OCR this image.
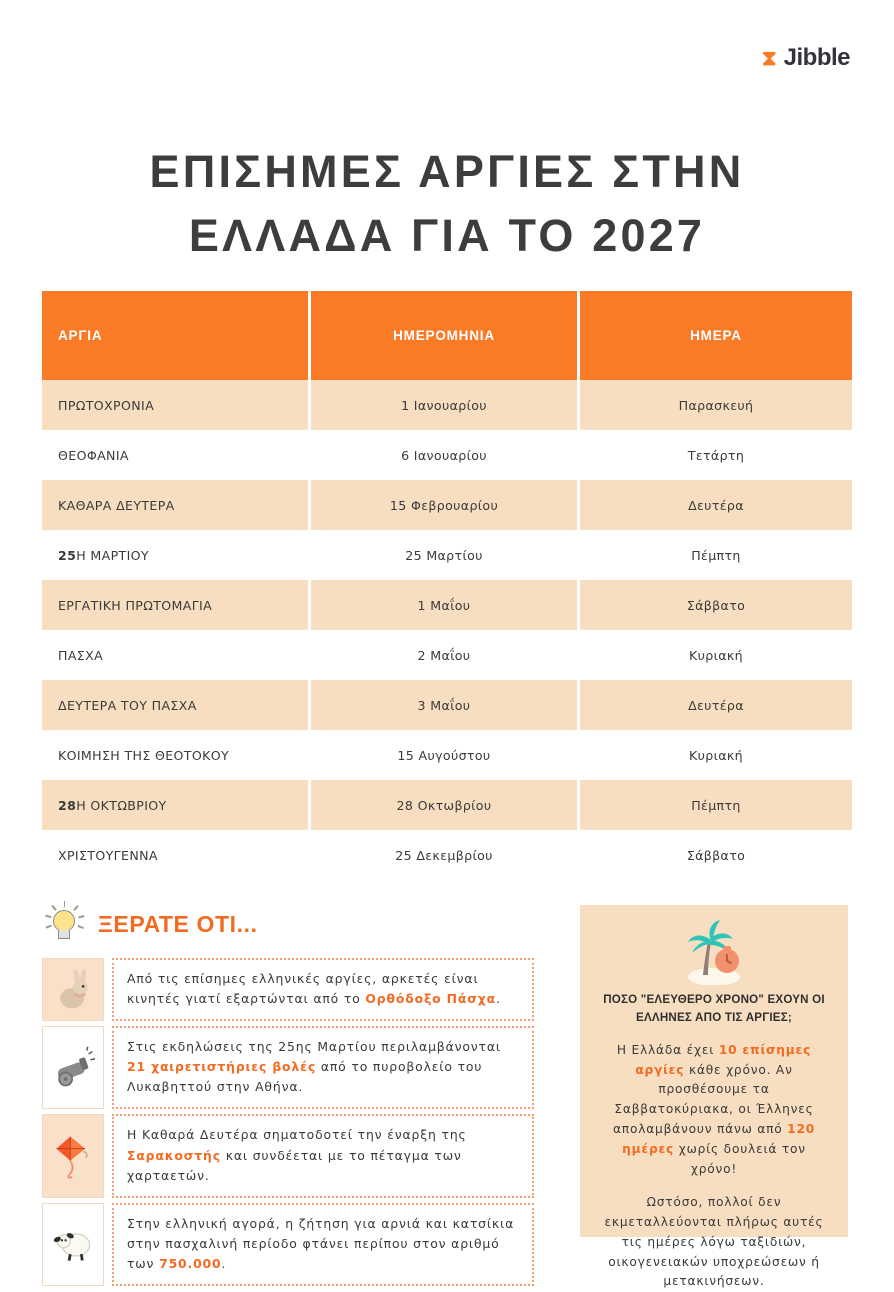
⧗ Jibble
ΕΠΙΣΗΜΕΣ ΑΡΓΙΕΣ ΣΤΗΝ ΕΛΛΑΔΑ ΓΙΑ ΤΟ 2027
ΑΡΓΙΑ	ΗΜΕΡΟΜΗΝΙΑ	ΗΜΕΡΑ
ΠΡΩΤΟΧΡΟΝΙΑ	1 Ιανουαρίου	Παρασκευή
ΘΕΟΦΑΝΙΑ	6 Ιανουαρίου	Τετάρτη
ΚΑΘΑΡΑ ΔΕΥΤΕΡΑ	15 Φεβρουαρίου	Δευτέρα
25 Η ΜΑΡΤΙΟΥ	25 Μαρτίου	Πέμπτη
ΕΡΓΑΤΙΚΗ ΠΡΩΤΟΜΑΓΙΑ	1 Μαΐου	Σάββατο
ΠΑΣΧΑ	2 Μαΐου	Κυριακή
ΔΕΥΤΕΡΑ ΤΟΥ ΠΑΣΧΑ	3 Μαΐου	Δευτέρα
ΚΟΙΜΗΣΗ ΤΗΣ ΘΕΟΤΟΚΟΥ	15 Αυγούστου	Κυριακή
28 Η ΟΚΤΩΒΡΙΟΥ	28 Οκτωβρίου	Πέμπτη
ΧΡΙΣΤΟΥΓΕΝΝΑ	25 Δεκεμβρίου	Σάββατο
ΞΕΡΑΤΕ ΟΤΙ...
Από τις επίσημες ελληνικές αργίες, αρκετές είναι κινητές γιατί εξαρτώνται από το Ορθόδοξο Πάσχα.
Στις εκδηλώσεις της 25ης Μαρτίου περιλαμβάνονται 21 χαιρετιστήριες βολές από το πυροβολείο του Λυκαβηττού στην Αθήνα.
Η Καθαρά Δευτέρα σηματοδοτεί την έναρξη της Σαρακοστής και συνδέεται με το πέταγμα των χαρταετών.
Στην ελληνική αγορά, η ζήτηση για αρνιά και κατσίκια στην πασχαλινή περίοδο φτάνει περίπου στον αριθμό των 750.000.
ΠΟΣΟ "ΕΛΕΥΘΕΡΟ ΧΡΟΝΟ" ΕΧΟΥΝ ΟΙ ΕΛΛΗΝΕΣ ΑΠΟ ΤΙΣ ΑΡΓΙΕΣ;
Η Ελλάδα έχει 10 επίσημες αργίες κάθε χρόνο. Αν προσθέσουμε τα Σαββατοκύριακα, οι Έλληνες απολαμβάνουν πάνω από 120 ημέρες χωρίς δουλειά τον χρόνο!
Ωστόσο, πολλοί δεν εκμεταλλεύονται πλήρως αυτές τις ημέρες λόγω ταξιδιών, οικογενειακών υποχρεώσεων ή μετακινήσεων.
